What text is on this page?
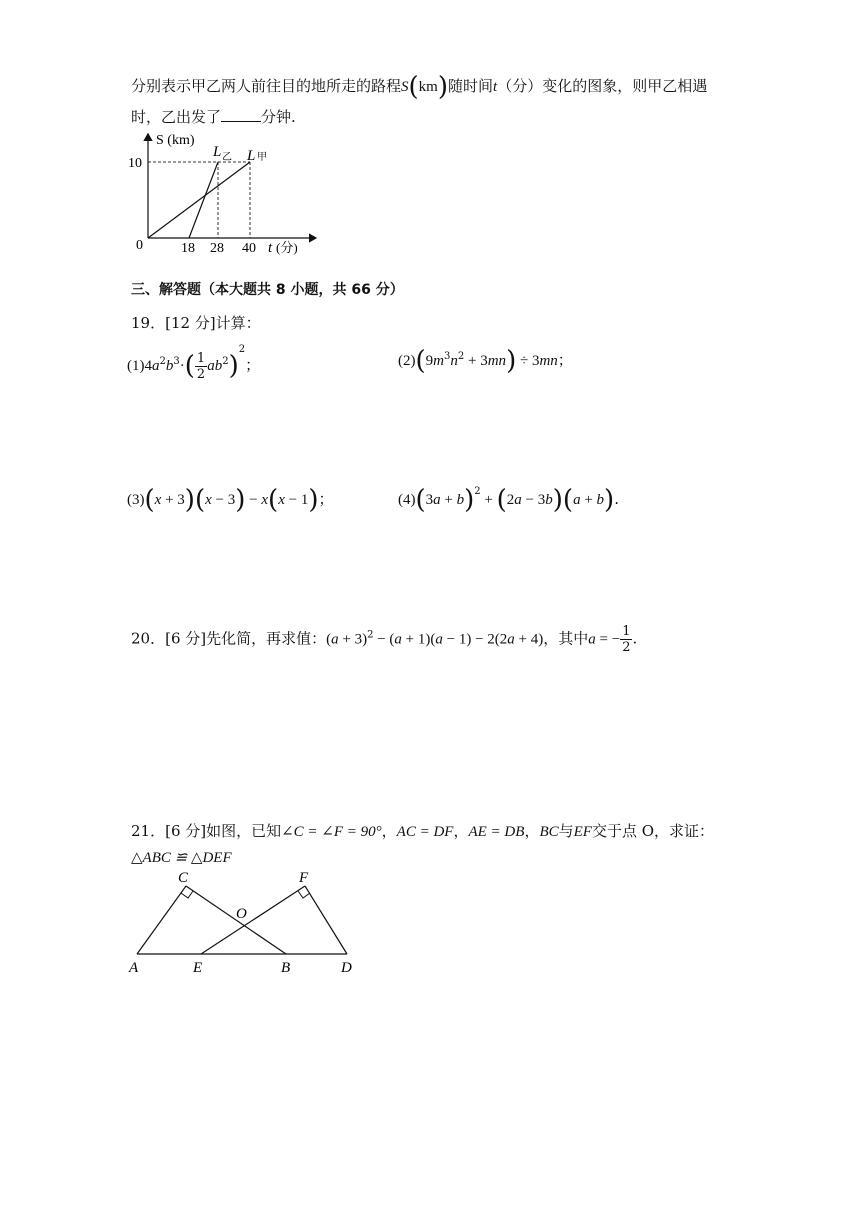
分别表示甲乙两人前往目的地所走的路程S(km)随时间t（分）变化的图象，则甲乙相遇
时，乙出发了	分钟.
S (km)
10
0	18 28 40 t (分)
L 乙 L 甲
三、解答题（本大题共 8 小题，共 66 分）
19．[12 分]计算：
$(1)4a^2b^3\cdot( \frac{1}{2} ab^2)^2$；	$(2)(9m^3n^2 + 3mn) \div 3mn$；
(3)(x + 3)(x − 3) − x(x − 1)；	$(4)(3a + b)^2 + (2a - 3b)(a + b)$.
20．[6 分]先化简，再求值：$(a + 3)^2 - (a + 1)(a - 1) - 2(2a + 4)$，其中a = − $\frac{1}{2}$ .
21．[6 分]如图，已知∠C = ∠F = 90°，AC = DF，AE = DB，BC与EF交于点 O，求证：
△ABC ≌ △DEF
C	F
O
A	E	B	D
